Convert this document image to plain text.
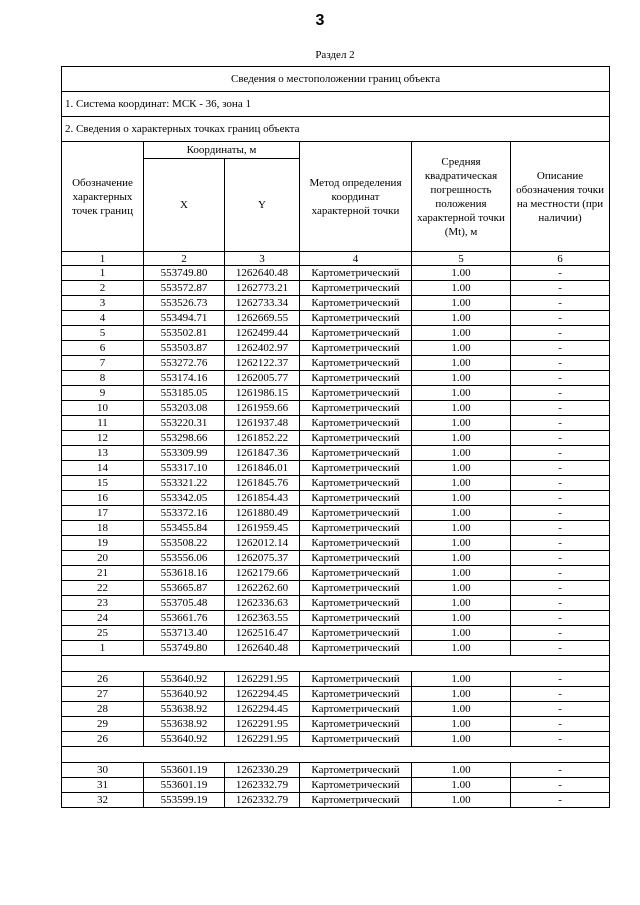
3
Раздел 2
Сведения о местоположении границ объекта					
1. Система координат: МСК - 36, зона 1					
2. Сведения о характерных точках границ объекта					
Обозначение характерных точек границ	Координаты, м		Метод определения координат характерной точки	Средняя квадратическая погрешность положения характерной точки (Mt), м	Описание обозначения точки на местности (при наличии)
	X	Y			
1	2	3	4	5	6
1	553749.80	1262640.48	Картометрический	1.00	-
2	553572.87	1262773.21	Картометрический	1.00	-
3	553526.73	1262733.34	Картометрический	1.00	-
4	553494.71	1262669.55	Картометрический	1.00	-
5	553502.81	1262499.44	Картометрический	1.00	-
6	553503.87	1262402.97	Картометрический	1.00	-
7	553272.76	1262122.37	Картометрический	1.00	-
8	553174.16	1262005.77	Картометрический	1.00	-
9	553185.05	1261986.15	Картометрический	1.00	-
10	553203.08	1261959.66	Картометрический	1.00	-
11	553220.31	1261937.48	Картометрический	1.00	-
12	553298.66	1261852.22	Картометрический	1.00	-
13	553309.99	1261847.36	Картометрический	1.00	-
14	553317.10	1261846.01	Картометрический	1.00	-
15	553321.22	1261845.76	Картометрический	1.00	-
16	553342.05	1261854.43	Картометрический	1.00	-
17	553372.16	1261880.49	Картометрический	1.00	-
18	553455.84	1261959.45	Картометрический	1.00	-
19	553508.22	1262012.14	Картометрический	1.00	-
20	553556.06	1262075.37	Картометрический	1.00	-
21	553618.16	1262179.66	Картометрический	1.00	-
22	553665.87	1262262.60	Картометрический	1.00	-
23	553705.48	1262336.63	Картометрический	1.00	-
24	553661.76	1262363.55	Картометрический	1.00	-
25	553713.40	1262516.47	Картометрический	1.00	-
1	553749.80	1262640.48	Картометрический	1.00	-

26	553640.92	1262291.95	Картометрический	1.00	-
27	553640.92	1262294.45	Картометрический	1.00	-
28	553638.92	1262294.45	Картометрический	1.00	-
29	553638.92	1262291.95	Картометрический	1.00	-
26	553640.92	1262291.95	Картометрический	1.00	-

30	553601.19	1262330.29	Картометрический	1.00	-
31	553601.19	1262332.79	Картометрический	1.00	-
32	553599.19	1262332.79	Картометрический	1.00	-
